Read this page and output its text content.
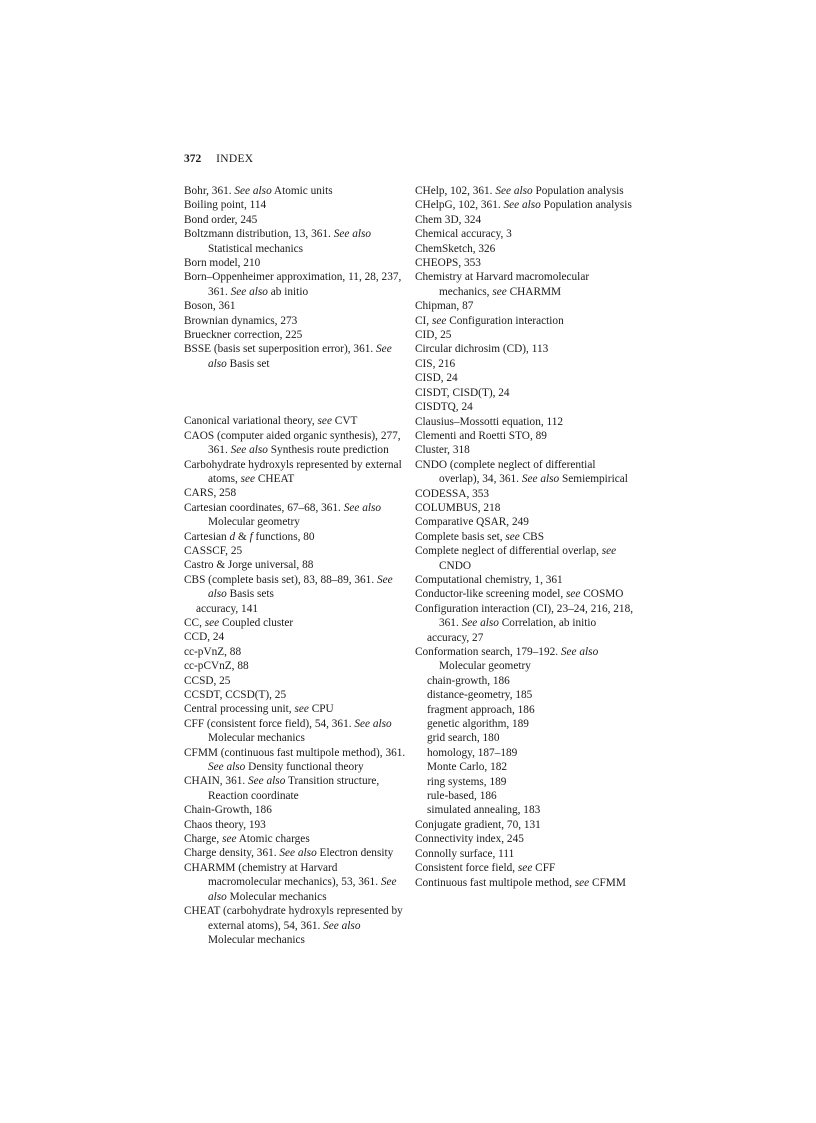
372 INDEX
Bohr, 361. See also Atomic units
Boiling point, 114
Bond order, 245
Boltzmann distribution, 13, 361. See also Statistical mechanics
Born model, 210
Born–Oppenheimer approximation, 11, 28, 237, 361. See also ab initio
Boson, 361
Brownian dynamics, 273
Brueckner correction, 225
BSSE (basis set superposition error), 361. See also Basis set
Canonical variational theory, see CVT
CAOS (computer aided organic synthesis), 277, 361. See also Synthesis route prediction
Carbohydrate hydroxyls represented by external atoms, see CHEAT
CARS, 258
Cartesian coordinates, 67–68, 361. See also Molecular geometry
Cartesian d & f functions, 80
CASSCF, 25
Castro & Jorge universal, 88
CBS (complete basis set), 83, 88–89, 361. See also Basis sets
accuracy, 141
CC, see Coupled cluster
CCD, 24
cc-pVnZ, 88
cc-pCVnZ, 88
CCSD, 25
CCSDT, CCSD(T), 25
Central processing unit, see CPU
CFF (consistent force field), 54, 361. See also Molecular mechanics
CFMM (continuous fast multipole method), 361. See also Density functional theory
CHAIN, 361. See also Transition structure, Reaction coordinate
Chain-Growth, 186
Chaos theory, 193
Charge, see Atomic charges
Charge density, 361. See also Electron density
CHARMM (chemistry at Harvard macromolecular mechanics), 53, 361. See also Molecular mechanics
CHEAT (carbohydrate hydroxyls represented by external atoms), 54, 361. See also Molecular mechanics
CHelp, 102, 361. See also Population analysis
CHelpG, 102, 361. See also Population analysis
Chem 3D, 324
Chemical accuracy, 3
ChemSketch, 326
CHEOPS, 353
Chemistry at Harvard macromolecular mechanics, see CHARMM
Chipman, 87
CI, see Configuration interaction
CID, 25
Circular dichrosim (CD), 113
CIS, 216
CISD, 24
CISDT, CISD(T), 24
CISDTQ, 24
Clausius–Mossotti equation, 112
Clementi and Roetti STO, 89
Cluster, 318
CNDO (complete neglect of differential overlap), 34, 361. See also Semiempirical
CODESSA, 353
COLUMBUS, 218
Comparative QSAR, 249
Complete basis set, see CBS
Complete neglect of differential overlap, see CNDO
Computational chemistry, 1, 361
Conductor-like screening model, see COSMO
Configuration interaction (CI), 23–24, 216, 218, 361. See also Correlation, ab initio
accuracy, 27
Conformation search, 179–192. See also Molecular geometry
chain-growth, 186
distance-geometry, 185
fragment approach, 186
genetic algorithm, 189
grid search, 180
homology, 187–189
Monte Carlo, 182
ring systems, 189
rule-based, 186
simulated annealing, 183
Conjugate gradient, 70, 131
Connectivity index, 245
Connolly surface, 111
Consistent force field, see CFF
Continuous fast multipole method, see CFMM
